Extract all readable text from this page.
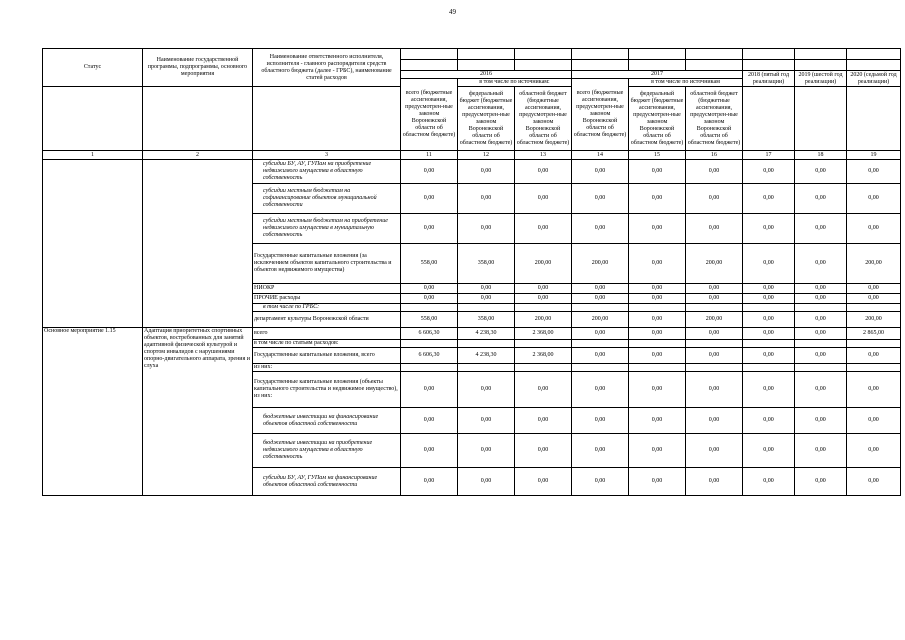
49
Статус	Наименование государственной программы, подпрограммы, основного мероприятия	Наименование ответственного исполнителя, исполнителя - главного распорядителя средств областного бюджета (далее - ГРБС), наименование статей расходов									

			2016			2017			2018 (пятый год реализации)	2019 (шестой год реализации)	2020 (седьмой год реализации)
			всего (бюджетные ассигнования, предусмотрен-ные законом Воронежской области об областном бюджете)	в том числе по источникам:		всего (бюджетные ассигнования, предусмотрен-ные законом Воронежской области об областном бюджете)	в том числе по источникам				
				федеральный бюджет (бюджетные ассигнования, предусмотрен-ные законом Воронежской области об областном бюджете)	областной бюджет (бюджетные ассигнования, предусмотрен-ные законом Воронежской области об областном бюджете)		федеральный бюджет (бюджетные ассигнования, предусмотрен-ные законом Воронежской области об областном бюджете)	областной бюджет (бюджетные ассигнования, предусмотрен-ные законом Воронежской области об областном бюджете)			
1	2	3	11	12	13	14	15	16	17	18	19
		субсидии БУ, АУ, ГУПам на приобретение недвижимого имущества в областную собственность	0,00	0,00	0,00	0,00	0,00	0,00	0,00	0,00	0,00
		субсидии местным бюджетам на софинансирование объектов муниципальной собственности	0,00	0,00	0,00	0,00	0,00	0,00	0,00	0,00	0,00
		субсидии местным бюджетам на приобретение недвижимого имущества в муниципальную собственность	0,00	0,00	0,00	0,00	0,00	0,00	0,00	0,00	0,00
		Государственные капитальные вложения (за исключением объектов капитального строительства и объектов недвижимого имущества)	558,00	358,00	200,00	200,00	0,00	200,00	0,00	0,00	200,00
		НИОКР	0,00	0,00	0,00	0,00	0,00	0,00	0,00	0,00	0,00
		ПРОЧИЕ расходы	0,00	0,00	0,00	0,00	0,00	0,00	0,00	0,00	0,00
		в том числе по ГРБС:									
		департамент культуры Воронежской области	558,00	358,00	200,00	200,00	0,00	200,00	0,00	0,00	200,00
Основное мероприятие 1.15	Адаптация приоритетных спортивных объектов, востребованных для занятий адаптивной физической культурой и спортом инвалидов с нарушениями опорно-двигательного аппарата, зрения и слуха	всего	6 606,30	4 238,30	2 368,00	0,00	0,00	0,00	0,00	0,00	2 865,00
		в том числе по статьям расходов:									
		Государственные капитальные вложения, всего	6 606,30	4 238,30	2 368,00	0,00	0,00	0,00	0,00	0,00	0,00
		из них:									
		Государственные капитальные вложения (объекты капитального строительства и недвижимое имущество), из них:	0,00	0,00	0,00	0,00	0,00	0,00	0,00	0,00	0,00
		бюджетные инвестиции на финансирование объектов областной собственности	0,00	0,00	0,00	0,00	0,00	0,00	0,00	0,00	0,00
		бюджетные инвестиции на приобретение недвижимого имущества в областную собственность	0,00	0,00	0,00	0,00	0,00	0,00	0,00	0,00	0,00
		субсидии БУ, АУ, ГУПам на финансирование объектов областной собственности	0,00	0,00	0,00	0,00	0,00	0,00	0,00	0,00	0,00
